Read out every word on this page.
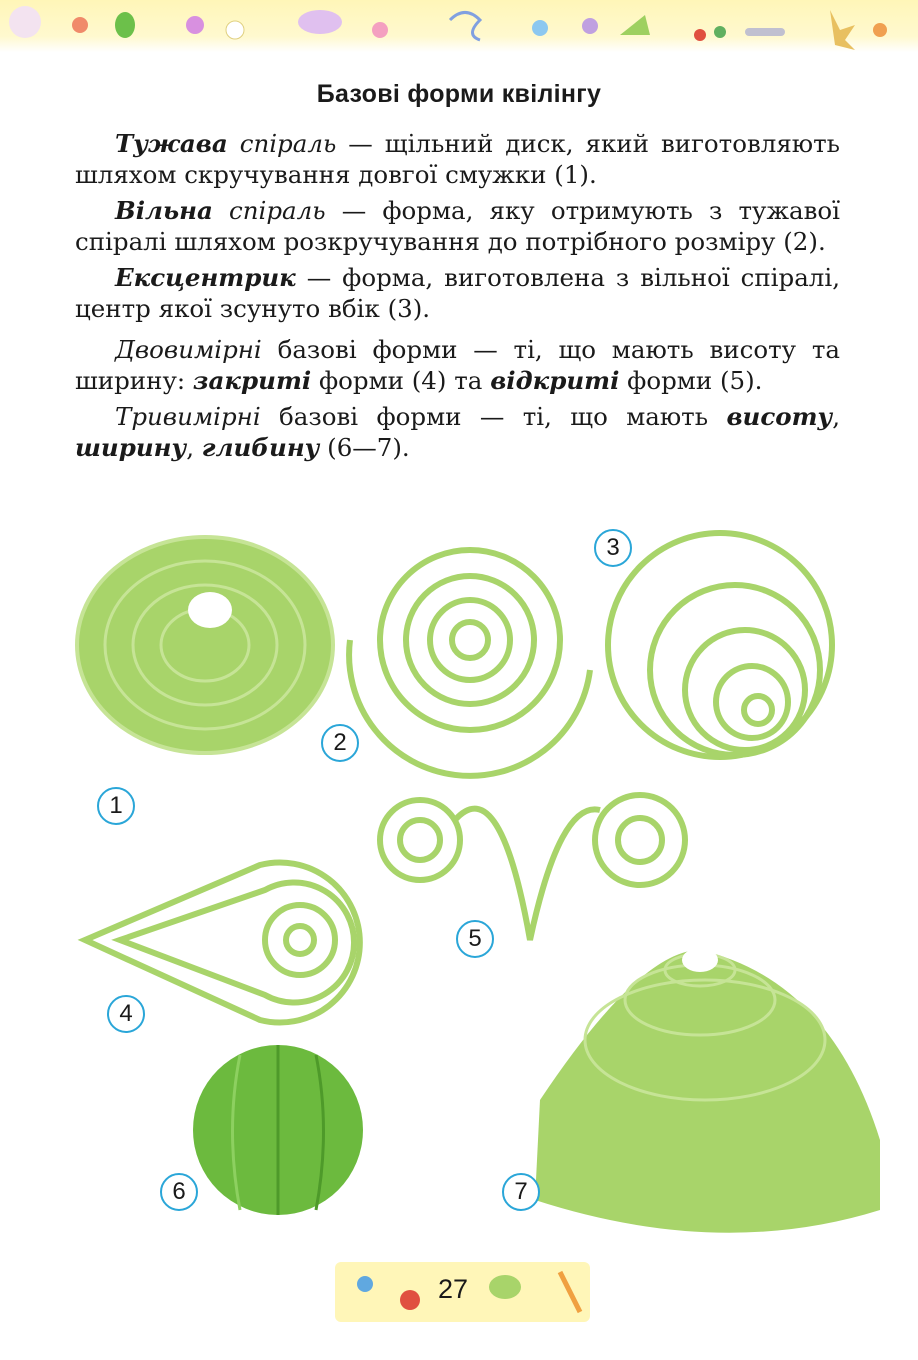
Базові форми квілінгу

Тужава спіраль — щільний диск, який виготовляють шляхом скручування довгої смужки (1).

Вільна спіраль — форма, яку отримують з тужавої спіралі шляхом розкручування до потрібного розміру (2).

Ексцентрик — форма, виготовлена з вільної спіралі, центр якої зсунуто вбік (3).

Двовимірні базові форми — ті, що мають висоту та ширину: закриті форми (4) та відкриті форми (5).

Тривимірні базові форми — ті, що мають висоту, ширину, глибину (6—7).

1
2
3
4
5
6	7
27
